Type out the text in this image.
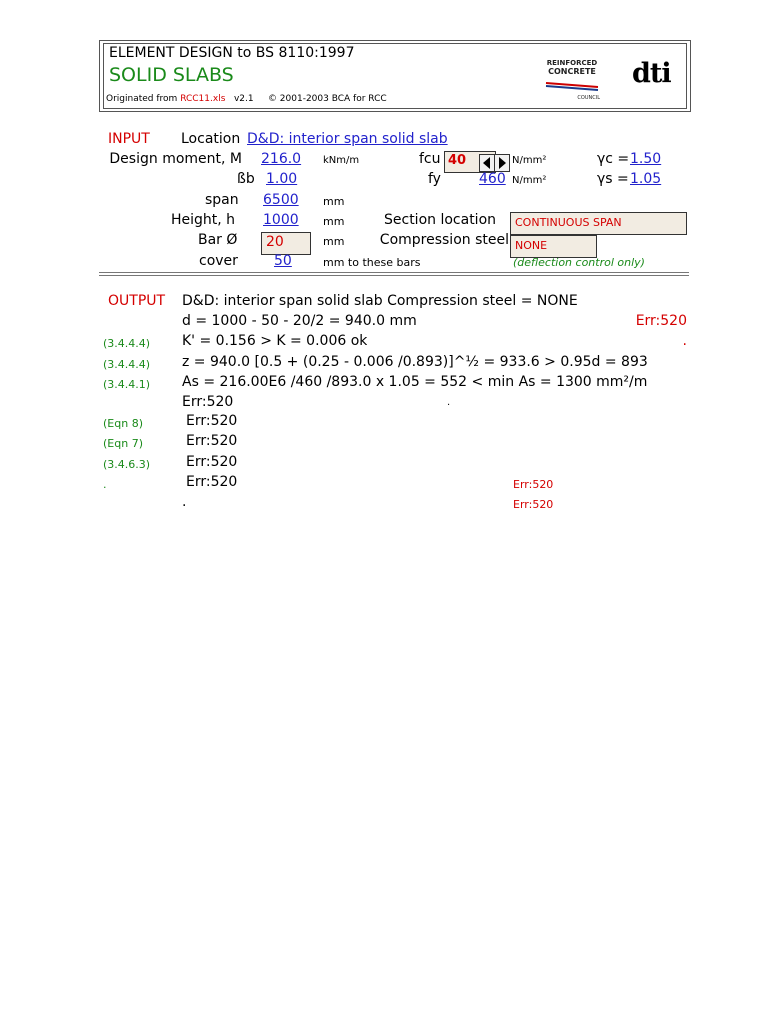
ELEMENT DESIGN to BS 8110:1997
SOLID SLABS
Originated from RCC11.xls v2.1 © 2001-2003 BCA for RCC
REINFORCED
CONCRETE
COUNCIL
dti
INPUT Location D&D: interior span solid slab
Design moment, M 216.0 kNm/m	fcu 40	N/mm²	γc = 1.50
ßb 1.00	fy	460 N/mm²	γs = 1.05
span 6500 mm
Height, h 1000 mm	Section location CONTINUOUS SPAN
Bar Ø 20	mm	Compression steel NONE
cover	50	mm to these bars	(deflection control only)
OUTPUT D&D: interior span solid slab Compression steel = NONE
d = 1000 - 50 - 20/2 = 940.0 mm	Err:520
(3.4.4.4) K' = 0.156 > K = 0.006 ok	.
(3.4.4.4) z = 940.0 [0.5 + (0.25 - 0.006 /0.893)]^½ = 933.6 > 0.95d = 893
(3.4.4.1) As = 216.00E6 /460 /893.0 x 1.05 = 552 < min As = 1300 mm²/m
Err:520
(Eqn 8)	Err:520
(Eqn 7)	Err:520
(3.4.6.3)	Err:520
.	Err:520	Err:520
.	Err:520
.
